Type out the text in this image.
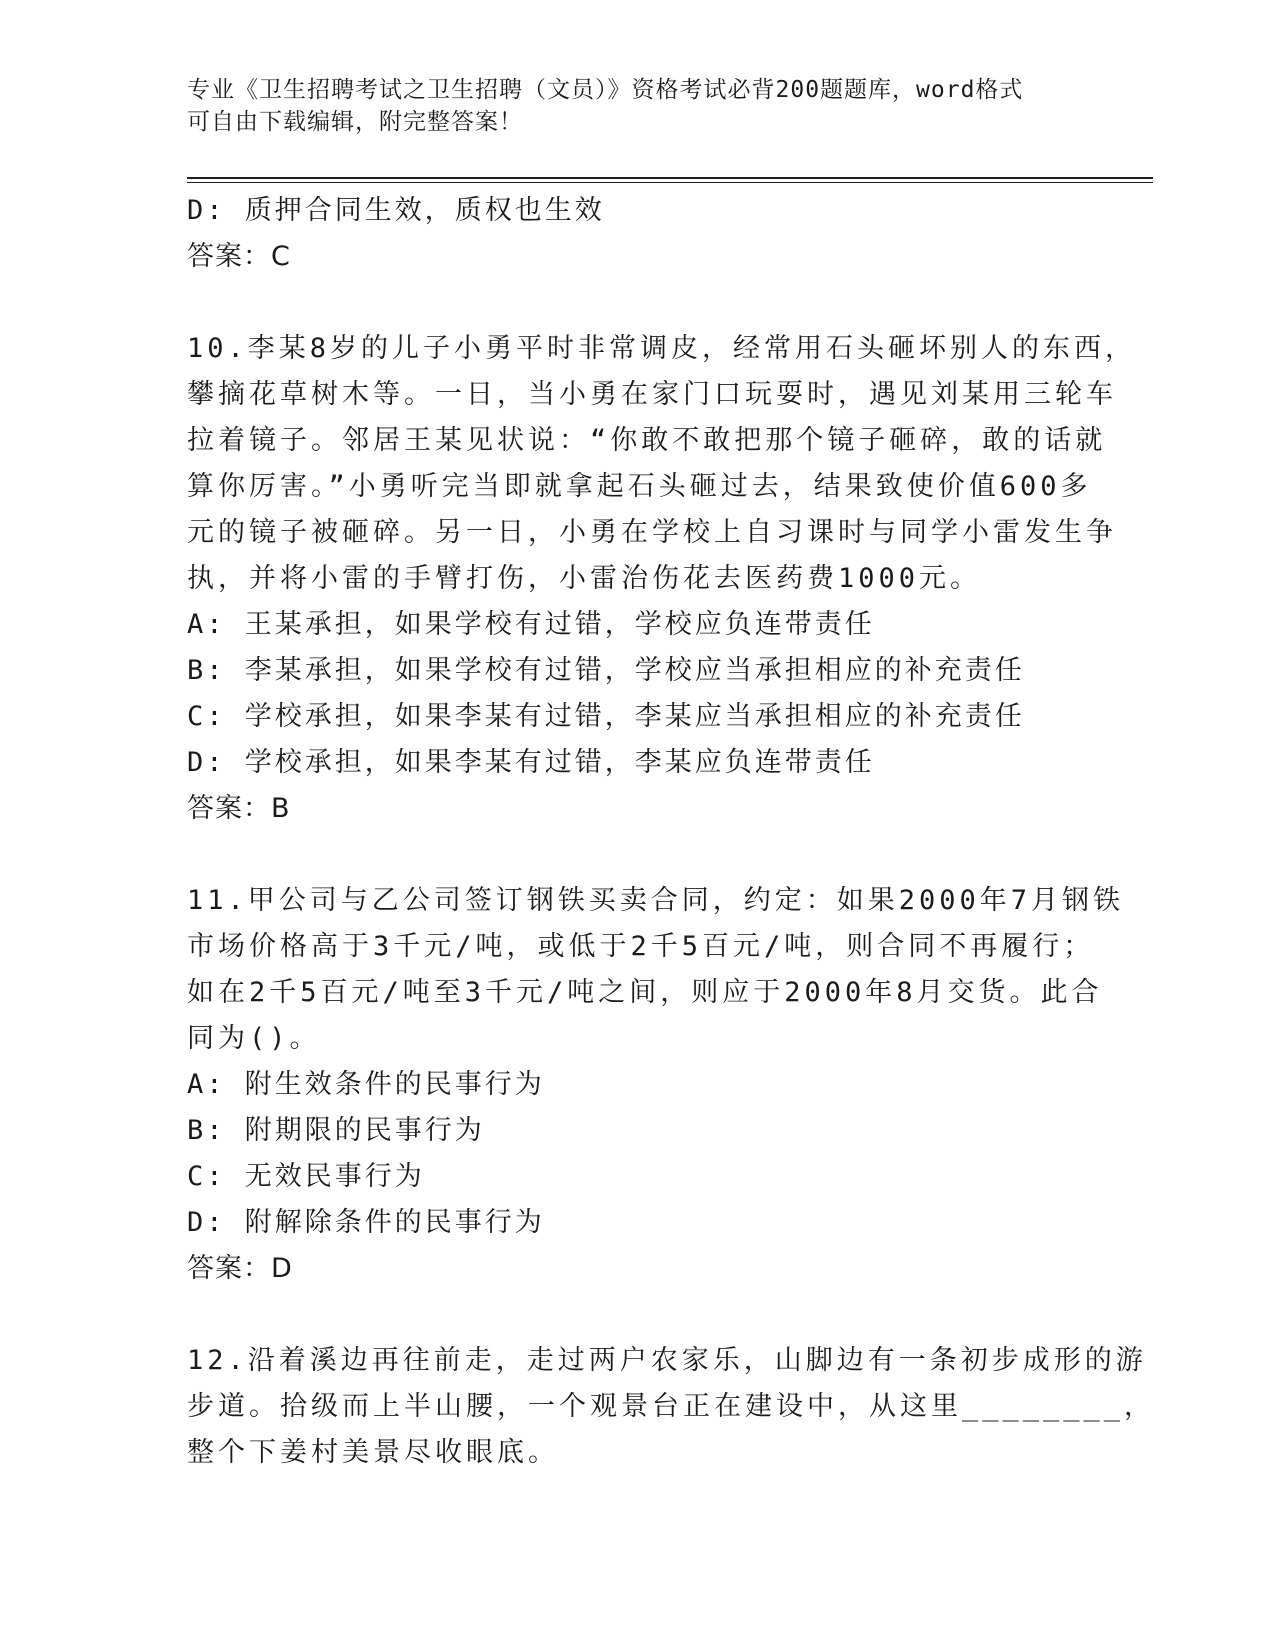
专业《卫生招聘考试之卫生招聘（文员）》资格考试必背200题题库，word格式
可自由下载编辑，附完整答案！
D: 质押合同生效，质权也生效
答案：C
10.李某8岁的儿子小勇平时非常调皮，经常用石头砸坏别人的东西，
攀摘花草树木等。一日，当小勇在家门口玩耍时，遇见刘某用三轮车
拉着镜子。邻居王某见状说：“你敢不敢把那个镜子砸碎，敢的话就
算你厉害。”小勇听完当即就拿起石头砸过去，结果致使价值600多
元的镜子被砸碎。另一日，小勇在学校上自习课时与同学小雷发生争
执，并将小雷的手臂打伤，小雷治伤花去医药费1000元。
A: 王某承担，如果学校有过错，学校应负连带责任
B: 李某承担，如果学校有过错，学校应当承担相应的补充责任
C: 学校承担，如果李某有过错，李某应当承担相应的补充责任
D: 学校承担，如果李某有过错，李某应负连带责任
答案：B
11.甲公司与乙公司签订钢铁买卖合同，约定：如果2000年7月钢铁
市场价格高于3千元/吨，或低于2千5百元/吨，则合同不再履行；
如在2千5百元/吨至3千元/吨之间，则应于2000年8月交货。此合
同为()。
A: 附生效条件的民事行为
B: 附期限的民事行为
C: 无效民事行为
D: 附解除条件的民事行为
答案：D
12.沿着溪边再往前走，走过两户农家乐，山脚边有一条初步成形的游
步道。拾级而上半山腰，一个观景台正在建设中，从这里________，
整个下姜村美景尽收眼底。
